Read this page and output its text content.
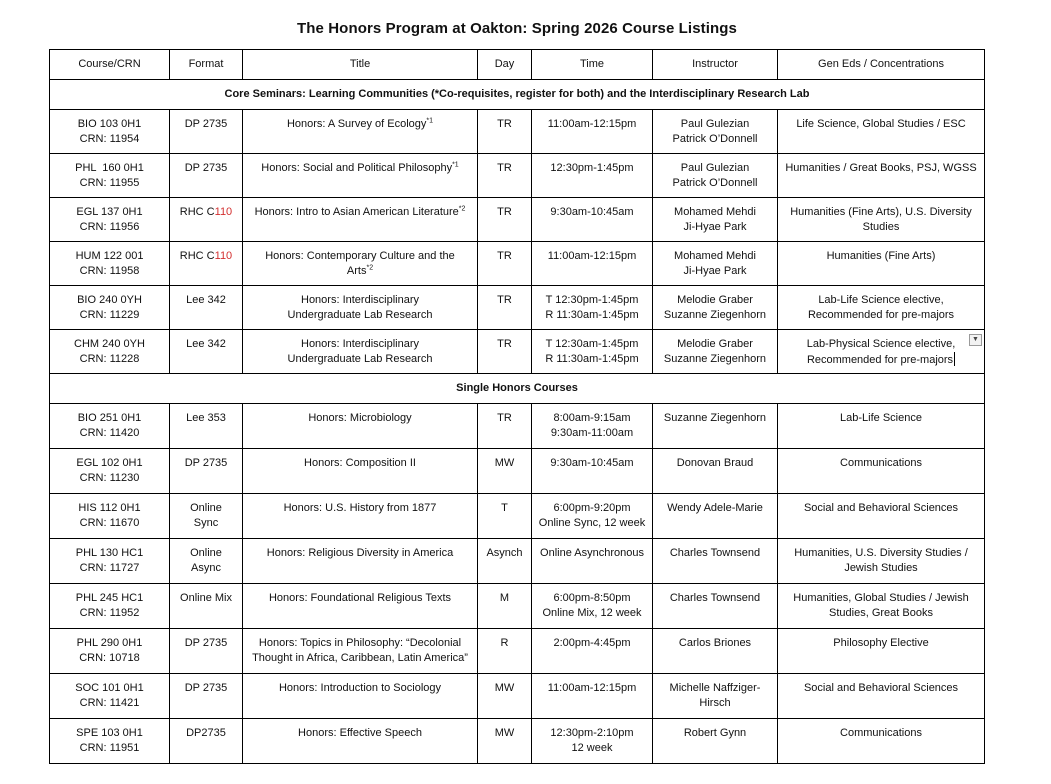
The Honors Program at Oakton: Spring 2026 Course Listings
Course/CRN	Format	Title	Day	Time	Instructor	Gen Eds / Concentrations
Core Seminars: Learning Communities (*Co-requisites, register for both) and the Interdisciplinary Research Lab						

BIO 103 0H1
CRN: 11954	DP 2735	Honors: A Survey of Ecology$^{*1}$	TR	11:00am-12:15pm	Paul Gulezian
Patrick O’Donnell	Life Science, Global Studies / ESC

PHL  160 0H1
CRN: 11955	DP 2735	Honors: Social and Political Philosophy$^{*1}$	TR	12:30pm-1:45pm	Paul Gulezian
Patrick O’Donnell	Humanities / Great Books, PSJ, WGSS

EGL 137 0H1
CRN: 11956	RHC C110	Honors: Intro to Asian American Literature$^{*2}$	TR	9:30am-10:45am	Mohamed Mehdi
Ji-Hyae Park	Humanities (Fine Arts), U.S. Diversity Studies

HUM 122 001
CRN: 11958	RHC C110	Honors: Contemporary Culture and the Arts$^{*2}$	TR	11:00am-12:15pm	Mohamed Mehdi
Ji-Hyae Park	Humanities (Fine Arts)

BIO 240 0YH
CRN: 11229	Lee 342	Honors: Interdisciplinary Undergraduate Lab Research	TR	T 12:30pm-1:45pm
R 11:30am-1:45pm	Melodie Graber
Suzanne Ziegenhorn	Lab-Life Science elective, Recommended for pre-majors

CHM 240 0YH
CRN: 11228	Lee 342	Honors: Interdisciplinary Undergraduate Lab Research	TR	T 12:30am-1:45pm
R 11:30am-1:45pm	Melodie Graber
Suzanne Ziegenhorn	▼
Lab-Physical Science elective, Recommended for pre-majors

Single Honors Courses						

BIO 251 0H1
CRN: 11420	Lee 353	Honors: Microbiology	TR	8:00am-9:15am
9:30am-11:00am	Suzanne Ziegenhorn	Lab-Life Science

EGL 102 0H1
CRN: 11230	DP 2735	Honors: Composition II	MW	9:30am-10:45am	Donovan Braud	Communications

HIS 112 0H1
CRN: 11670	Online Sync	Honors: U.S. History from 1877	T	6:00pm-9:20pm
Online Sync, 12 week	Wendy Adele-Marie	Social and Behavioral Sciences

PHL 130 HC1
CRN: 11727	Online Async	Honors: Religious Diversity in America	Asynch	Online Asynchronous	Charles Townsend	Humanities, U.S. Diversity Studies / Jewish Studies

PHL 245 HC1
CRN: 11952	Online Mix	Honors: Foundational Religious Texts	M	6:00pm-8:50pm
Online Mix, 12 week	Charles Townsend	Humanities, Global Studies / Jewish Studies, Great Books

PHL 290 0H1
CRN: 10718	DP 2735	Honors: Topics in Philosophy: “Decolonial Thought in Africa, Caribbean, Latin America”	R	2:00pm-4:45pm	Carlos Briones	Philosophy Elective

SOC 101 0H1
CRN: 11421	DP 2735	Honors: Introduction to Sociology	MW	11:00am-12:15pm	Michelle Naffziger-Hirsch	Social and Behavioral Sciences

SPE 103 0H1
CRN: 11951	DP2735	Honors: Effective Speech	MW	12:30pm-2:10pm
12 week	Robert Gynn	Communications
